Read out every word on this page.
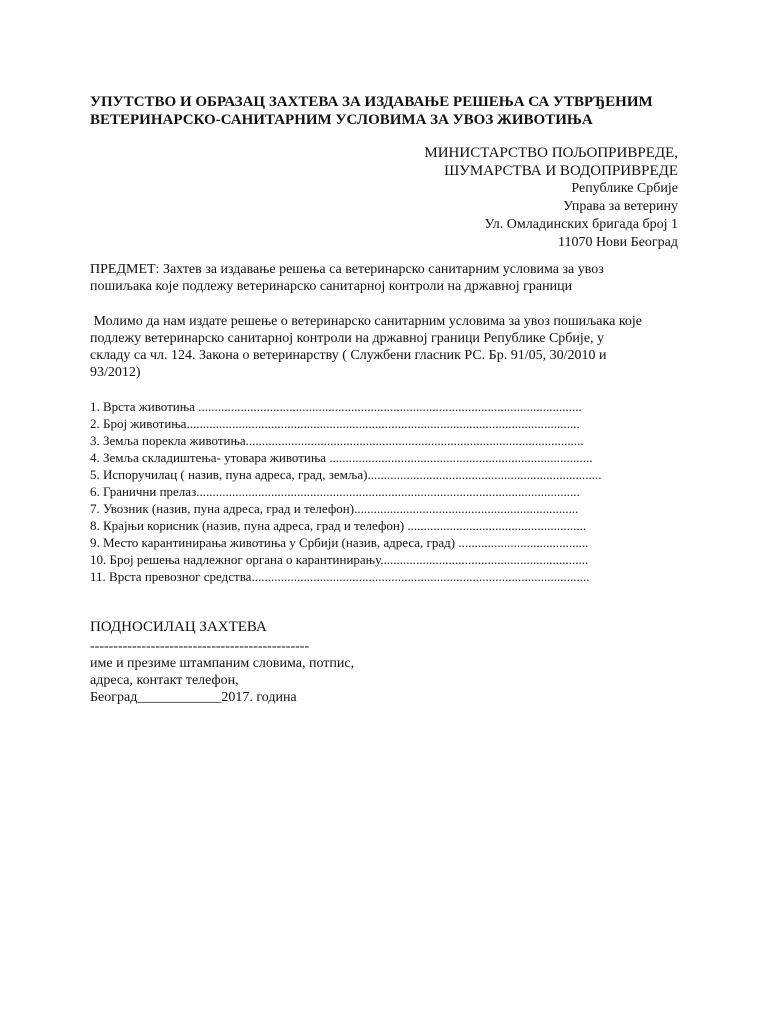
УПУТСТВО И ОБРАЗАЦ ЗАХТЕВА ЗА ИЗДАВАЊЕ РЕШЕЊА СА УТВРЂЕНИМ
ВЕТЕРИНАРСКО-САНИТАРНИМ УСЛОВИМА ЗА УВОЗ ЖИВОТИЊА
МИНИСТАРСТВО ПОЉОПРИВРЕДЕ,
ШУМАРСТВА И ВОДОПРИВРЕДЕ
Републике Србије
Управа за ветерину
Ул. Омладинских бригада број 1
11070 Нови Београд
ПРЕДМЕТ: Захтев за издавање решења са ветеринарско санитарним условима за увоз
пошиљака које подлежу ветеринарско санитарној контроли на државној граници
Молимо да нам издате решење о ветеринарско санитарним условима за увоз пошиљака које
подлежу ветеринарско санитарној контроли на државној граници Републике Србије, у
складу са чл. 124. Закона о ветеринарству ( Службени гласник РС. Бр. 91/05, 30/2010 и
93/2012)
1. Врста животиња ......................................................................................................................
2. Број животиња.........................................................................................................................
3. Земља порекла животиња........................................................................................................
4. Земља складиштења- утовара животиња .................................................................................
5. Испоручилац ( назив, пуна адреса, град, земља)........................................................................
6. Гранични прелаз......................................................................................................................
7. Увозник (назив, пуна адреса, град и телефон).....................................................................
8. Крајњи корисник (назив, пуна адреса, град и телефон) .......................................................
9. Место карантинирања животиња у Србији (назив, адреса, град) ........................................
10. Број решења надлежног органа о карантинирању................................................................
11. Врста превозног средства........................................................................................................
ПОДНОСИЛАЦ ЗАХТЕВА
-----------------------------------------------
име и презиме штампаним словима, потпис,
адреса, контакт телефон,
Београд____________2017. година
